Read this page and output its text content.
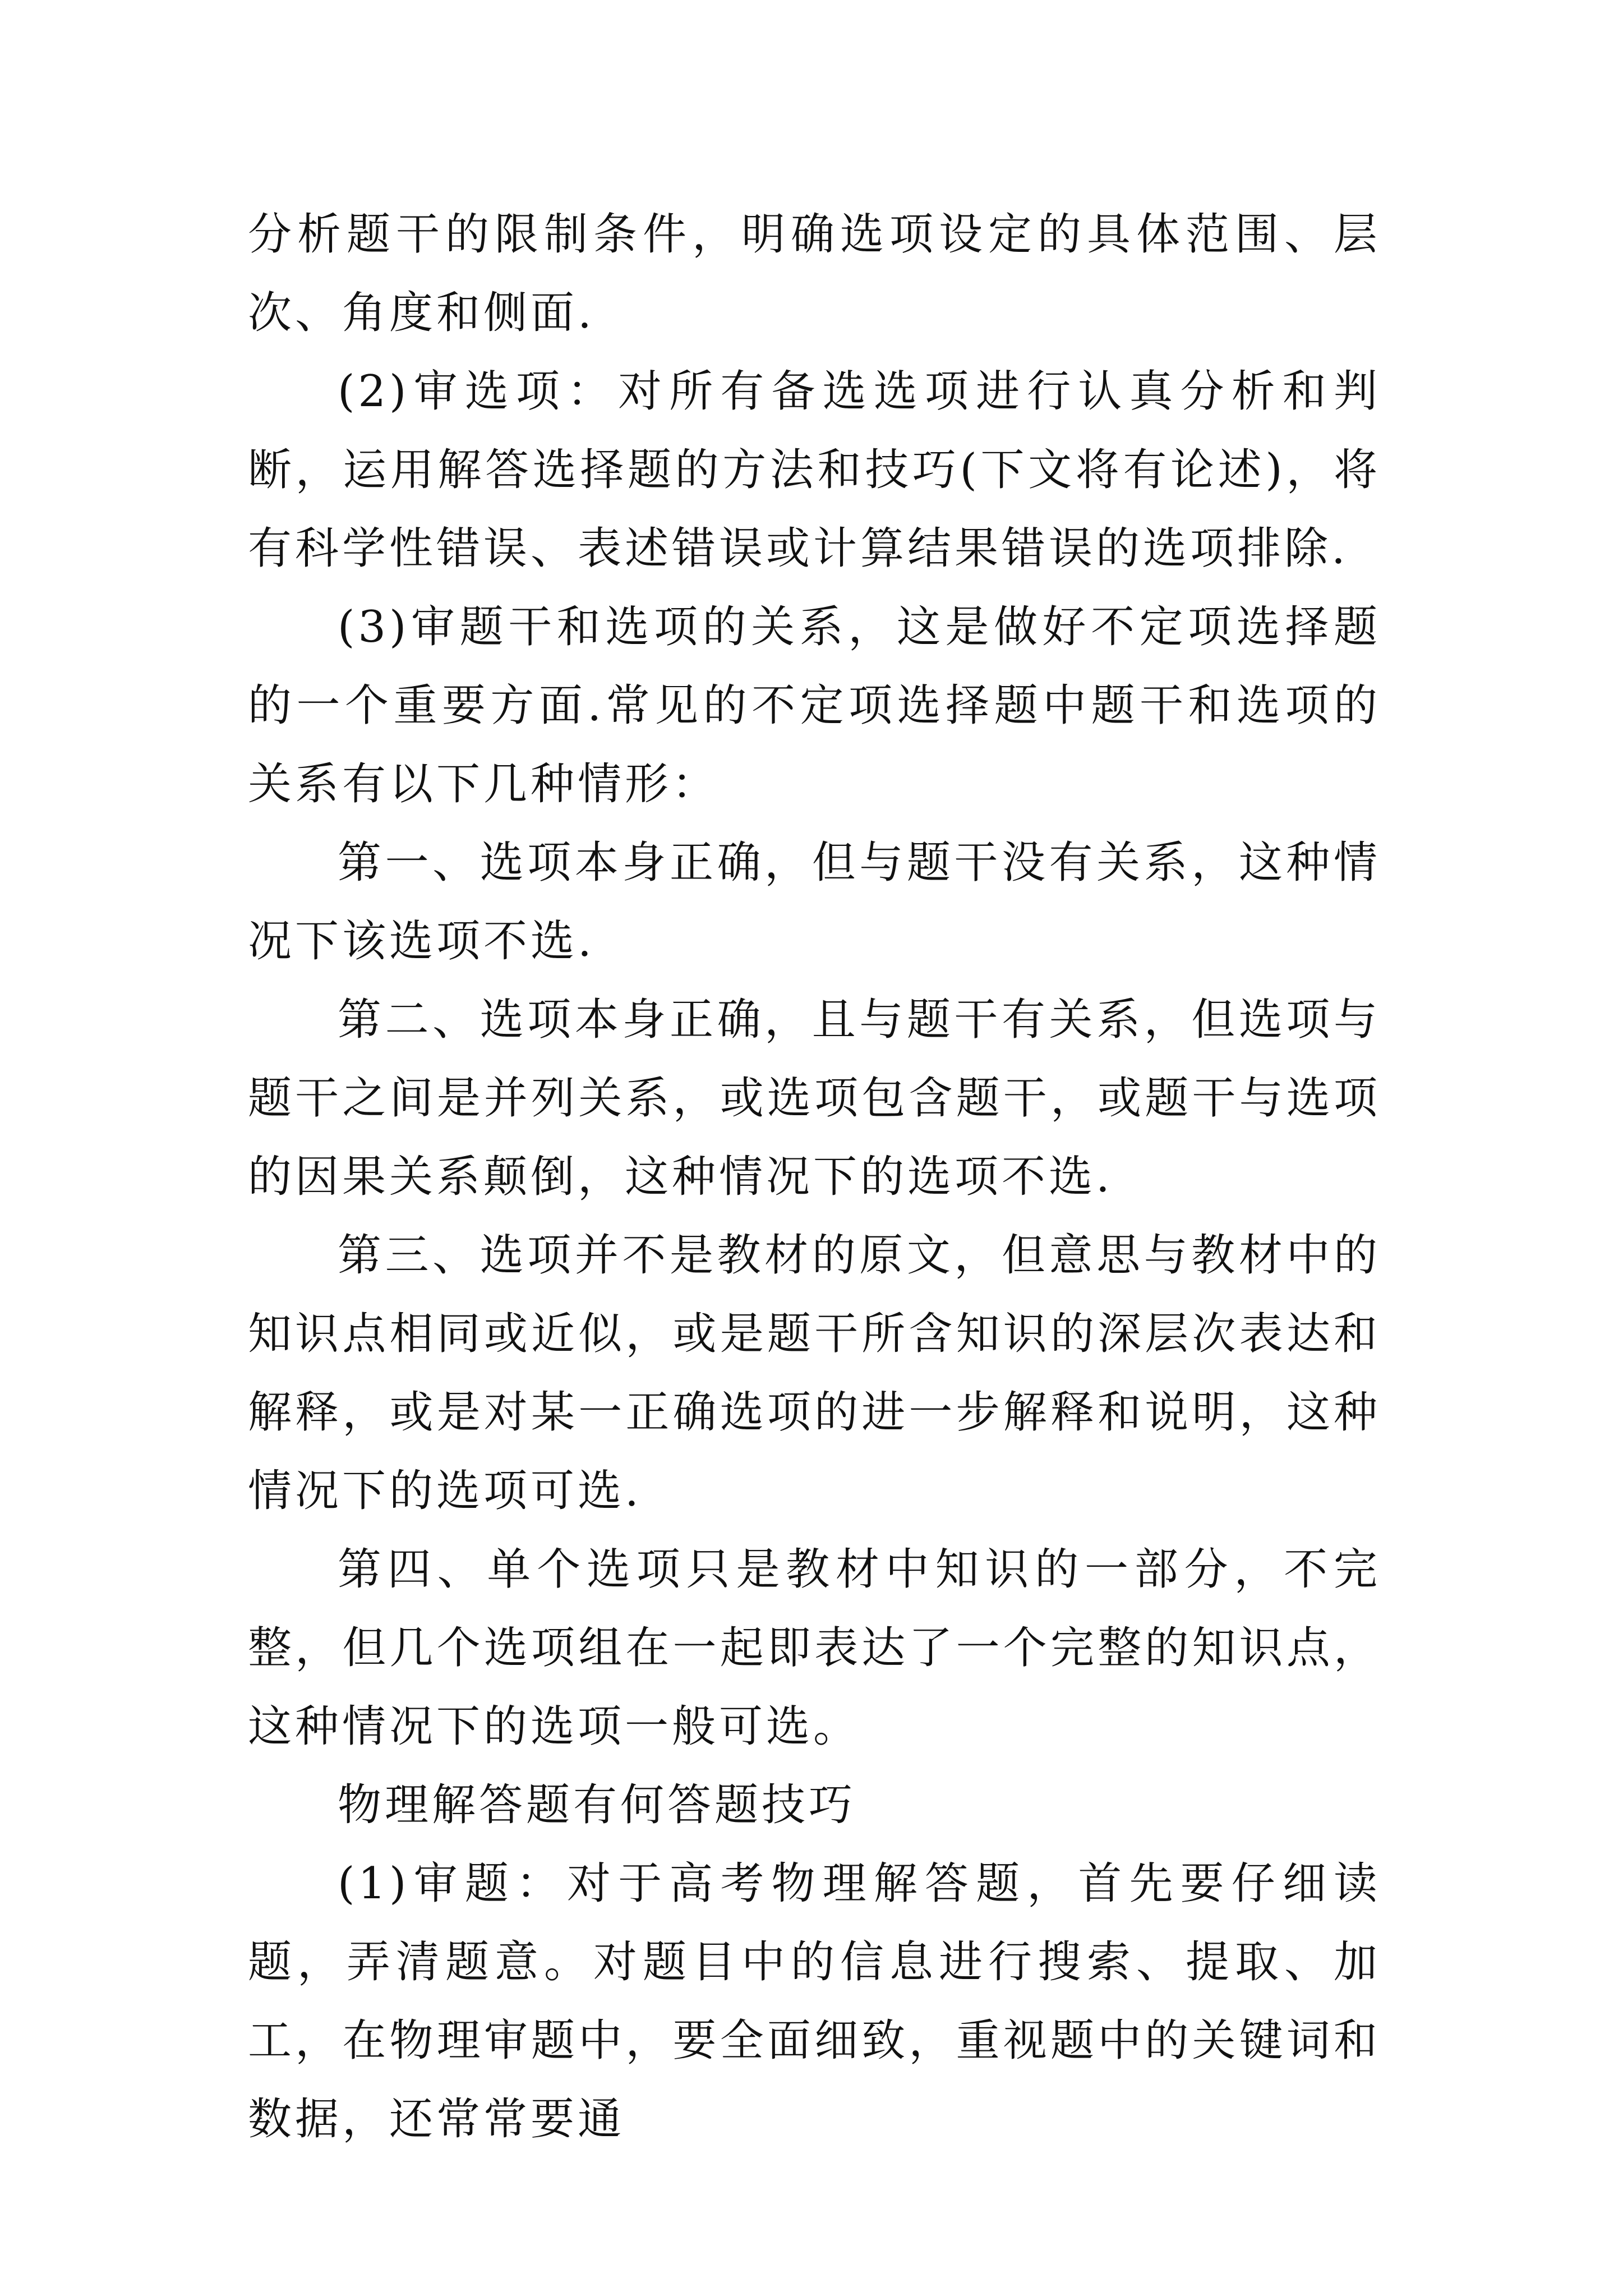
分析题干的限制条件，明确选项设定的具体范围、层次、角度和侧面.

(2)审选项：对所有备选选项进行认真分析和判断，运用解答选择题的方法和技巧(下文将有论述)，将有科学性错误、表述错误或计算结果错误的选项排除.

(3)审题干和选项的关系，这是做好不定项选择题的一个重要方面.常见的不定项选择题中题干和选项的关系有以下几种情形：

第一、选项本身正确，但与题干没有关系，这种情况下该选项不选.

第二、选项本身正确，且与题干有关系，但选项与题干之间是并列关系，或选项包含题干，或题干与选项的因果关系颠倒，这种情况下的选项不选.

第三、选项并不是教材的原文，但意思与教材中的知识点相同或近似，或是题干所含知识的深层次表达和解释，或是对某一正确选项的进一步解释和说明，这种情况下的选项可选.

第四、单个选项只是教材中知识的一部分，不完整，但几个选项组在一起即表达了一个完整的知识点，这种情况下的选项一般可选。

物理解答题有何答题技巧

(1)审题：对于高考物理解答题，首先要仔细读题，弄清题意。对题目中的信息进行搜索、提取、加工，在物理审题中，要全面细致，重视题中的关键词和数据，还常常要通
